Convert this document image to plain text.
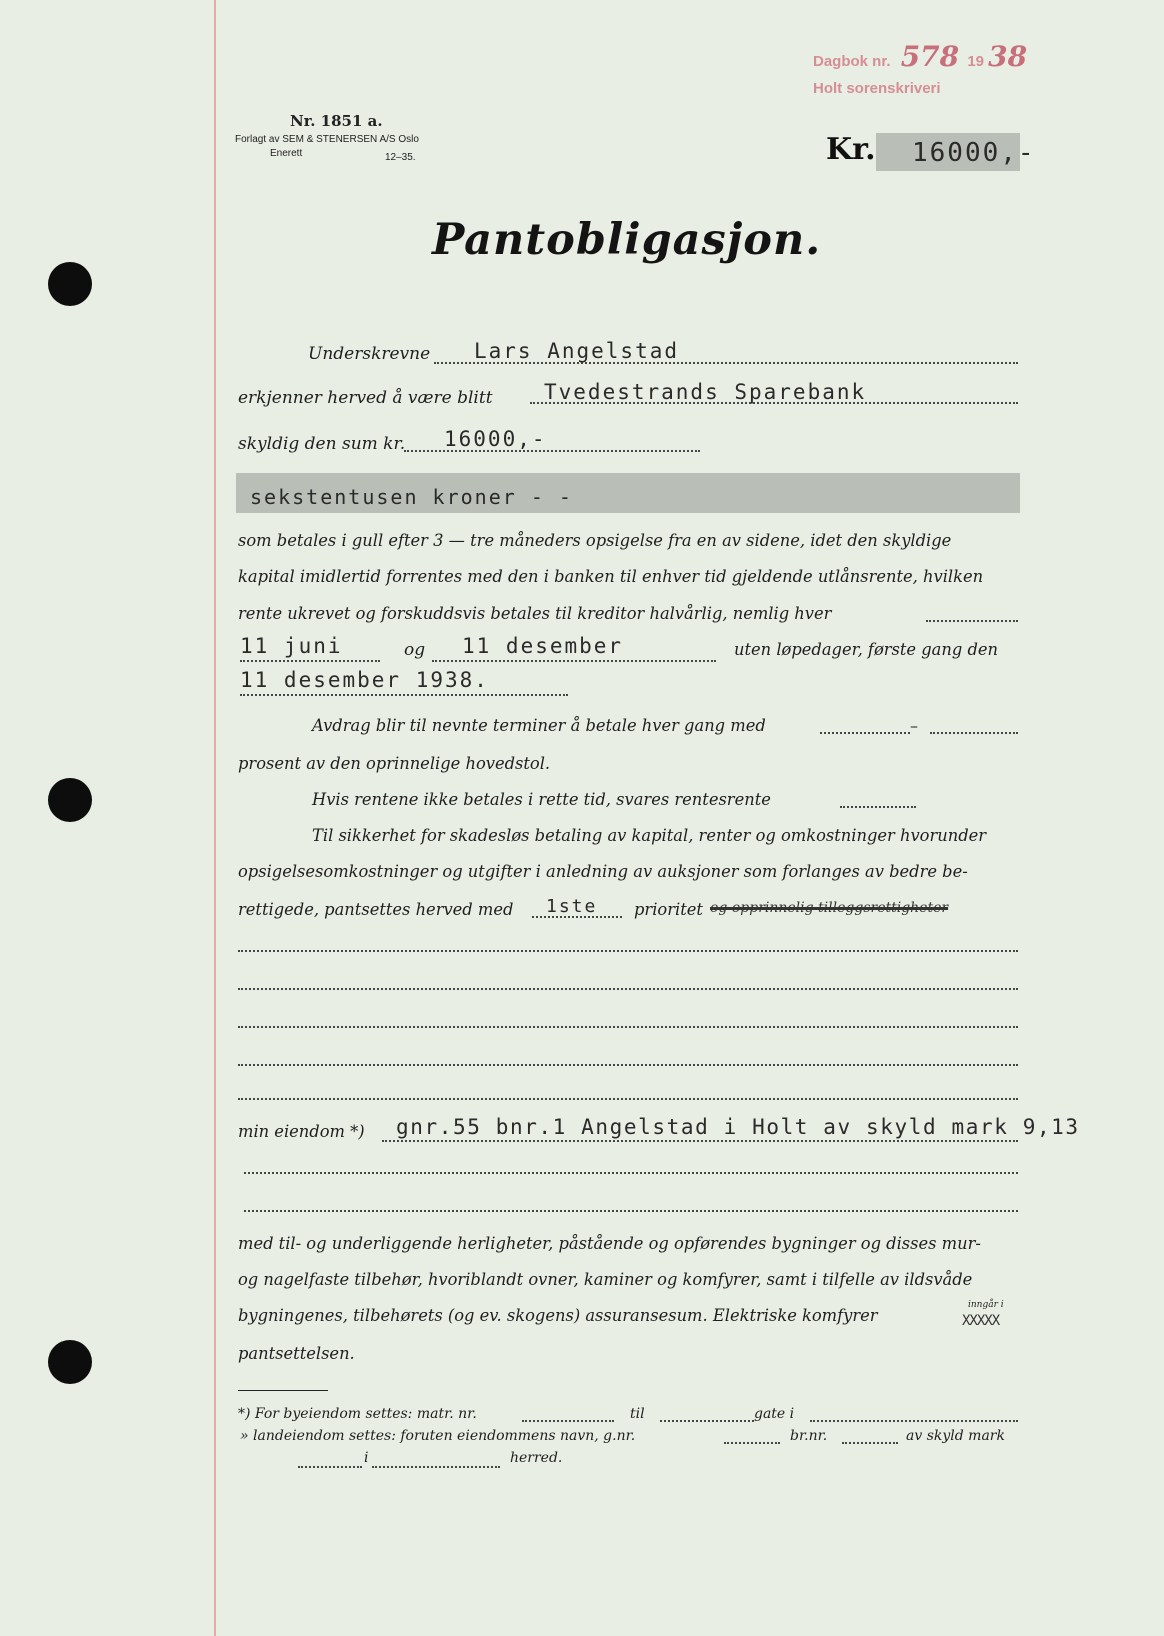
Dagbok nr. 578 19 38
Holt sorenskriveri
Nr. 1851 a.
Forlagt av SEM & STENERSEN A/S Oslo
Enerett	12–35.	Kr. 16000,-
Pantobligasjon.
Underskrevne Lars Angelstad
erkjenner herved å være blitt Tvedestrands Sparebank
skyldig den sum kr. 16000,-
sekstentusen kroner - -
som betales i gull efter 3 — tre måneders opsigelse fra en av sidene, idet den skyldige
kapital imidlertid forrentes med den i banken til enhver tid gjeldende utlånsrente, hvilken
rente ukrevet og forskuddsvis betales til kreditor halvårlig, nemlig hver
11 juni	og 11 desember	uten løpedager, første gang den
11 desember 1938.
Avdrag blir til nevnte terminer å betale hver gang med	–
prosent av den oprinnelige hovedstol.
Hvis rentene ikke betales i rette tid, svares rentesrente
Til sikkerhet for skadesløs betaling av kapital, renter og omkostninger hvorunder
opsigelsesomkostninger og utgifter i anledning av auksjoner som forlanges av bedre be-
rettigede, pantsettes herved med 1ste prioritet og opprinnelig tilleggsrettigheter
min eiendom *) gnr.55 bnr.1 Angelstad i Holt av skyld mark 9,13
med til- og underliggende herligheter, påstående og opførendes bygninger og disses mur-
og nagelfaste tilbehør, hvoriblandt ovner, kaminer og komfyrer, samt i tilfelle av ildsvåde
bygningenes, tilbehørets (og ev. skogens) assuransesum. Elektriske komfyrer
inngår i
XXXXX
pantsettelsen.
*) For byeiendom settes: matr. nr.	til	gate i
» landeiendom settes: foruten eiendommens navn, g.nr.	br.nr.	av skyld mark
i	herred.
